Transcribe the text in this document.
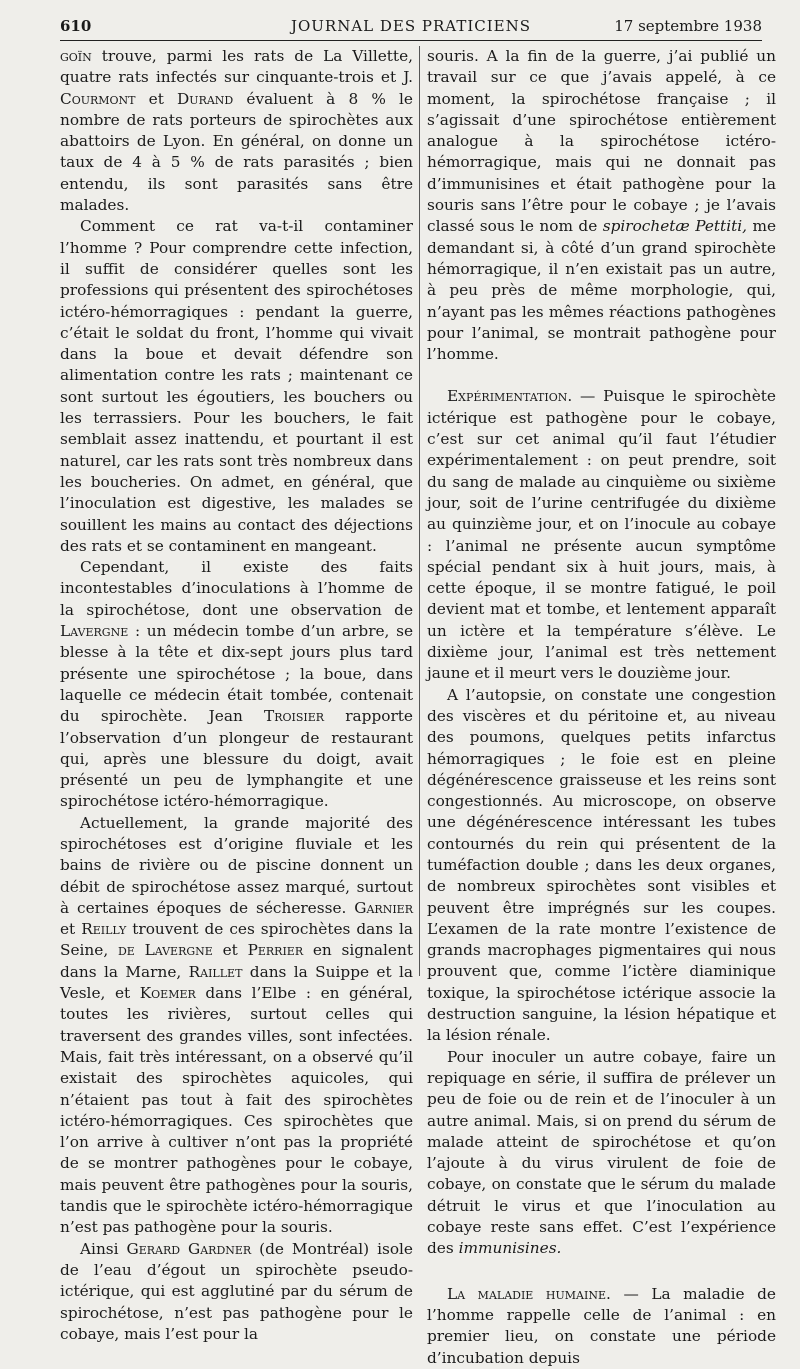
610	JOURNAL DES PRATICIENS	17 septembre 1938

goïn trouve, parmi les rats de La Villette, quatre rats infectés sur cinquante-trois et J. Courmont et Durand évaluent à 8 % le nombre de rats porteurs de spirochètes aux abattoirs de Lyon. En général, on donne un taux de 4 à 5 % de rats parasités ; bien entendu, ils sont parasités sans être malades.

Comment ce rat va-t-il contaminer l’homme ? Pour comprendre cette infection, il suffit de considérer quelles sont les professions qui présentent des spirochétoses ictéro-hémorragiques : pendant la guerre, c’était le soldat du front, l’homme qui vivait dans la boue et devait défendre son alimentation contre les rats ; maintenant ce sont surtout les égoutiers, les bouchers ou les terrassiers. Pour les bouchers, le fait semblait assez inattendu, et pourtant il est naturel, car les rats sont très nombreux dans les boucheries. On admet, en général, que l’inoculation est digestive, les malades se souillent les mains au contact des déjections des rats et se contaminent en mangeant.

Cependant, il existe des faits incontestables d’inoculations à l’homme de la spirochétose, dont une observation de Lavergne : un médecin tombe d’un arbre, se blesse à la tête et dix-sept jours plus tard présente une spirochétose ; la boue, dans laquelle ce médecin était tombée, contenait du spirochète. Jean Troisier rapporte l’observation d’un plongeur de restaurant qui, après une blessure du doigt, avait présenté un peu de lymphangite et une spirochétose ictéro-hémorragique.

Actuellement, la grande majorité des spirochétoses est d’origine fluviale et les bains de rivière ou de piscine donnent un débit de spirochétose assez marqué, surtout à certaines époques de sécheresse. Garnier et Reilly trouvent de ces spirochètes dans la Seine, de Lavergne et Perrier en signalent dans la Marne, Raillet dans la Suippe et la Vesle, et Koemer dans l’Elbe : en général, toutes les rivières, surtout celles qui traversent des grandes villes, sont infectées. Mais, fait très intéressant, on a observé qu’il existait des spirochètes aquicoles, qui n’étaient pas tout à fait des spirochètes ictéro-hémorragiques. Ces spirochètes que l’on arrive à cultiver n’ont pas la propriété de se montrer pathogènes pour le cobaye, mais peuvent être pathogènes pour la souris, tandis que le spirochète ictéro-hémorragique n’est pas pathogène pour la souris.

Ainsi Gerard Gardner (de Montréal) isole de l’eau d’égout un spirochète pseudo-ictérique, qui est agglutiné par du sérum de spirochétose, n’est pas pathogène pour le cobaye, mais l’est pour la

souris. A la fin de la guerre, j’ai publié un travail sur ce que j’avais appelé, à ce moment, la spirochétose française ; il s’agissait d’une spirochétose entièrement analogue à la spirochétose ictéro-hémorragique, mais qui ne donnait pas d’immunisines et était pathogène pour la souris sans l’être pour le cobaye ; je l’avais classé sous le nom de spirochetæ Pettiti, me demandant si, à côté d’un grand spirochète hémorragique, il n’en existait pas un autre, à peu près de même morphologie, qui, n’ayant pas les mêmes réactions pathogènes pour l’animal, se montrait pathogène pour l’homme.

Expérimentation. — Puisque le spirochète ictérique est pathogène pour le cobaye, c’est sur cet animal qu’il faut l’étudier expérimentalement : on peut prendre, soit du sang de malade au cinquième ou sixième jour, soit de l’urine centrifugée du dixième au quinzième jour, et on l’inocule au cobaye : l’animal ne présente aucun symptôme spécial pendant six à huit jours, mais, à cette époque, il se montre fatigué, le poil devient mat et tombe, et lentement apparaît un ictère et la température s’élève. Le dixième jour, l’animal est très nettement jaune et il meurt vers le douzième jour.

A l’autopsie, on constate une congestion des viscères et du péritoine et, au niveau des poumons, quelques petits infarctus hémorragiques ; le foie est en pleine dégénérescence graisseuse et les reins sont congestionnés. Au microscope, on observe une dégénérescence intéressant les tubes contournés du rein qui présentent de la tuméfaction double ; dans les deux organes, de nombreux spirochètes sont visibles et peuvent être imprégnés sur les coupes. L’examen de la rate montre l’existence de grands macrophages pigmentaires qui nous prouvent que, comme l’ictère diaminique toxique, la spirochétose ictérique associe la destruction sanguine, la lésion hépatique et la lésion rénale.

Pour inoculer un autre cobaye, faire un repiquage en série, il suffira de prélever un peu de foie ou de rein et de l’inoculer à un autre animal. Mais, si on prend du sérum de malade atteint de spirochétose et qu’on l’ajoute à du virus virulent de foie de cobaye, on constate que le sérum du malade détruit le virus et que l’inoculation au cobaye reste sans effet. C’est l’expérience des immunisines.

La maladie humaine. — La maladie de l’homme rappelle celle de l’animal : en premier lieu, on constate une période d’incubation depuis
